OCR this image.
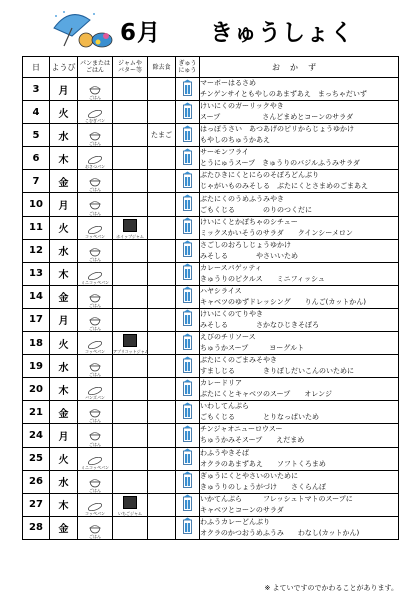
6月 きゅうしょく
日	ようび	パンまたは
ごはん	ジャムや
バター等	除去食	ぎゅう
にゅう	おかず
3	月	ごはん				マーボーはるさめ
チンゲンサイともやしのあまずあえ　まっちゃだいず

4	火	こむぎパン				けいにくのガーリックやき
スープ　　　　　　さんどまめとコーンのサラダ

5	水	ごはん		たまご		はっぽうさい　あつあげのピリからじょうゆかけ
もやしのちゅうかあえ

6	木	おさつパン				サーモンフライ
とうにゅうスープ　きゅうりのバジルふうみサラダ

7	金	ごはん				ぶたひきにくとにらのそぼろどんぶり
じゃがいものみそしる　ぶたにくとさまめのごまあえ

10	月	ごはん				ぶたにくのうめふうみやき
ごもくじる　　　　のりのつくだに

11	火	コッペパン	ホイップジャム			けいにくとかぼちゃのシチュー
ミックスかいそうのサラダ　　クインシーメロン

12	水	ごはん				さごしのおろしじょうゆかけ
みそしる　　　　やさいいため

13	木	ミニコッペパン				カレースパゲッティ
きゅうりのピクルス　　ミニフィッシュ

14	金	ごはん				ハヤシライス
キャベツのゆずドレッシング　　りんご(カットかん)

17	月	ごはん				けいにくのてりやき
みそしる　　　　さかなひじきそぼろ

18	火	コッペパン	アプリコットジャム			えびのチリソース
ちゅうかスープ　　　ヨーグルト

19	水	ごはん				ぶたにくのごまみそやき
すましじる　　　　きりぼしだいこんのいために

20	木	バンズパン				カレードリア
ぶたにくとキャベツのスープ　　オレンジ

21	金	ごはん				いわしてんぷら
ごもくじる　　　　とりなっぱいため

24	月	ごはん				チンジャオニューロウスー
ちゅうかみそスープ　　えだまめ

25	火	ミニコッペパン				わふうやきそば
オクラのあまずあえ　　ソフトくろまめ

26	水	ごはん				ぎゅうにくとやさいのいために
きゅうりのしょうがづけ　　さくらんぼ

27	木	コッペパン	いちごジャム			いかてんぷら　　　フレッシュトマトのスープに
キャベツとコーンのサラダ

28	金	ごはん				わふうカレーどんぶり
オクラのかつおうめふうみ　　わなし(カットかん)
※ よていですのでかわることがあります。
